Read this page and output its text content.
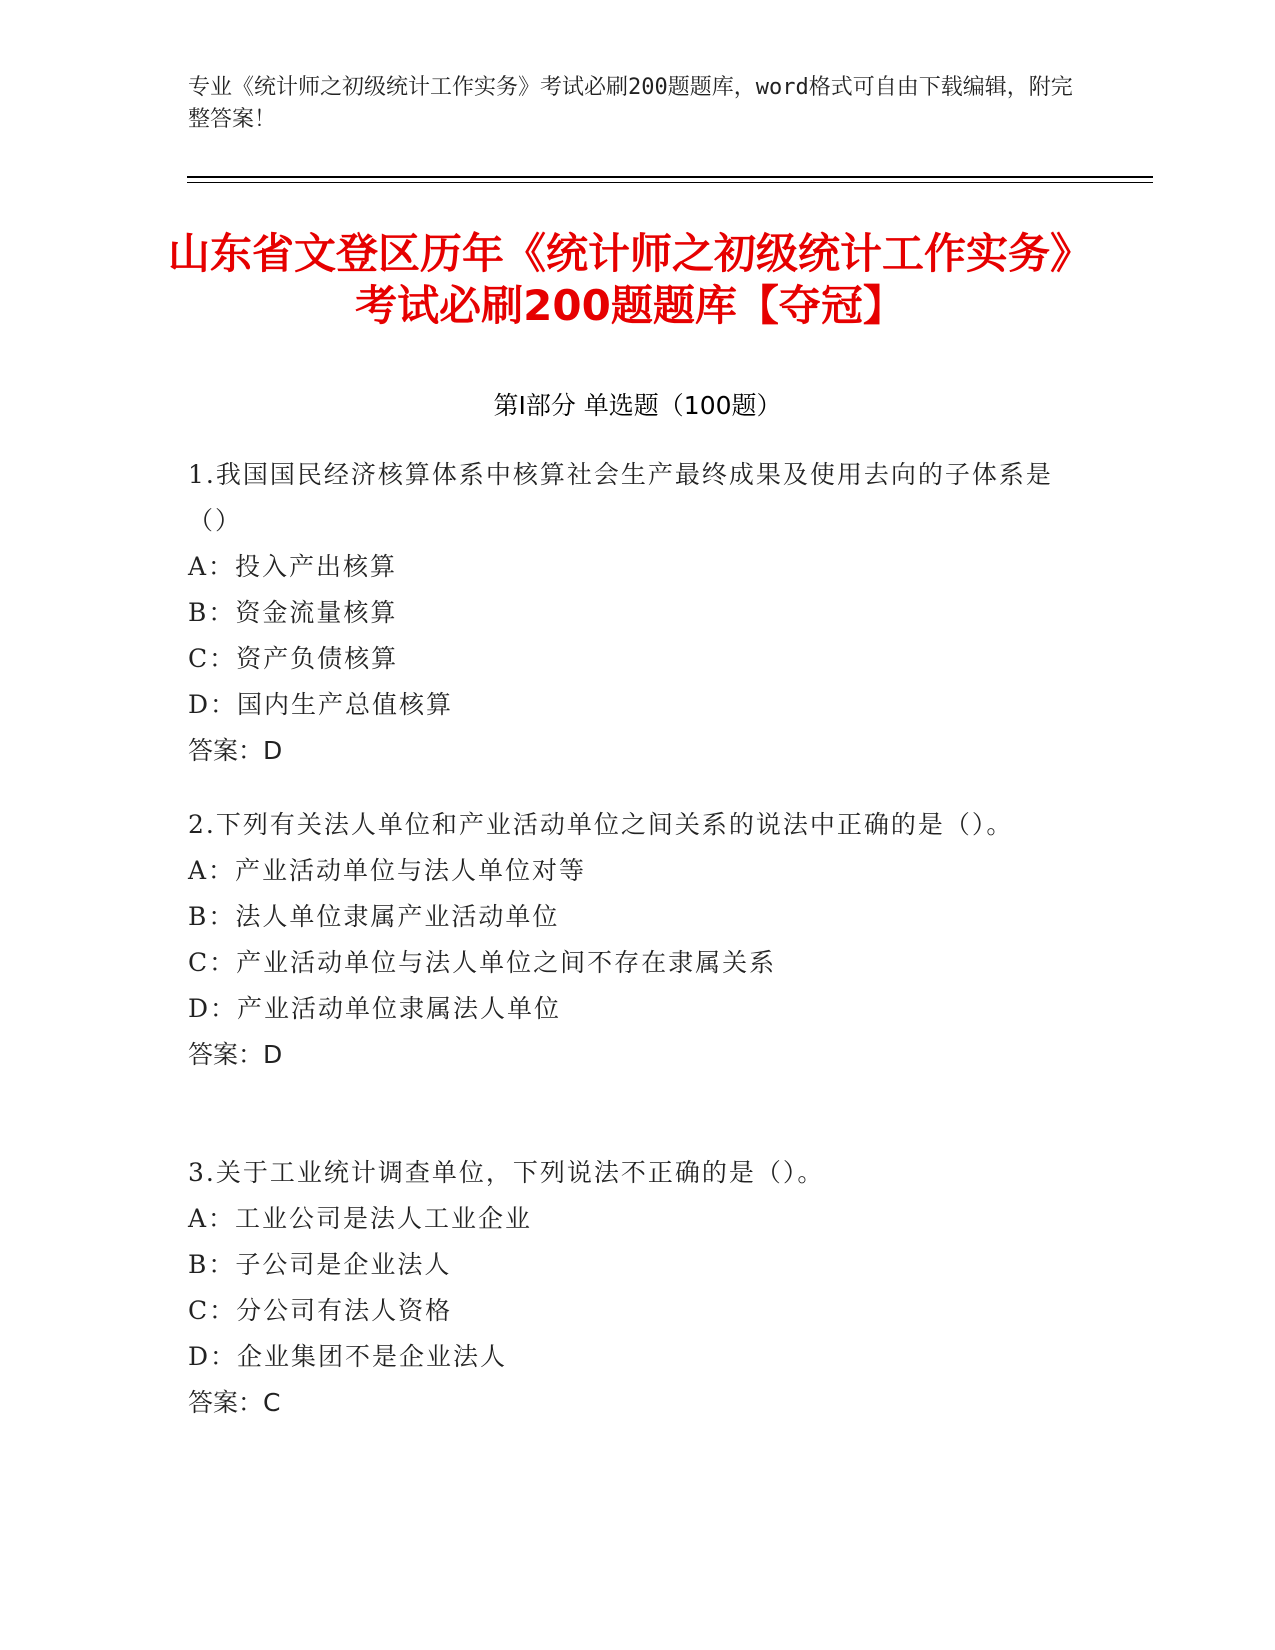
专业《统计师之初级统计工作实务》考试必刷200题题库，word格式可自由下载编辑，附完整答案！
山东省文登区历年《统计师之初级统计工作实务》考试必刷200题题库【夺冠】
第Ⅰ部分 单选题（100题）
1.我国国民经济核算体系中核算社会生产最终成果及使用去向的子体系是（）
A：投入产出核算
B：资金流量核算
C：资产负债核算
D：国内生产总值核算
答案：D
2.下列有关法人单位和产业活动单位之间关系的说法中正确的是（）。
A：产业活动单位与法人单位对等
B：法人单位隶属产业活动单位
C：产业活动单位与法人单位之间不存在隶属关系
D：产业活动单位隶属法人单位
答案：D
3.关于工业统计调查单位，下列说法不正确的是（）。
A：工业公司是法人工业企业
B：子公司是企业法人
C：分公司有法人资格
D：企业集团不是企业法人
答案：C
